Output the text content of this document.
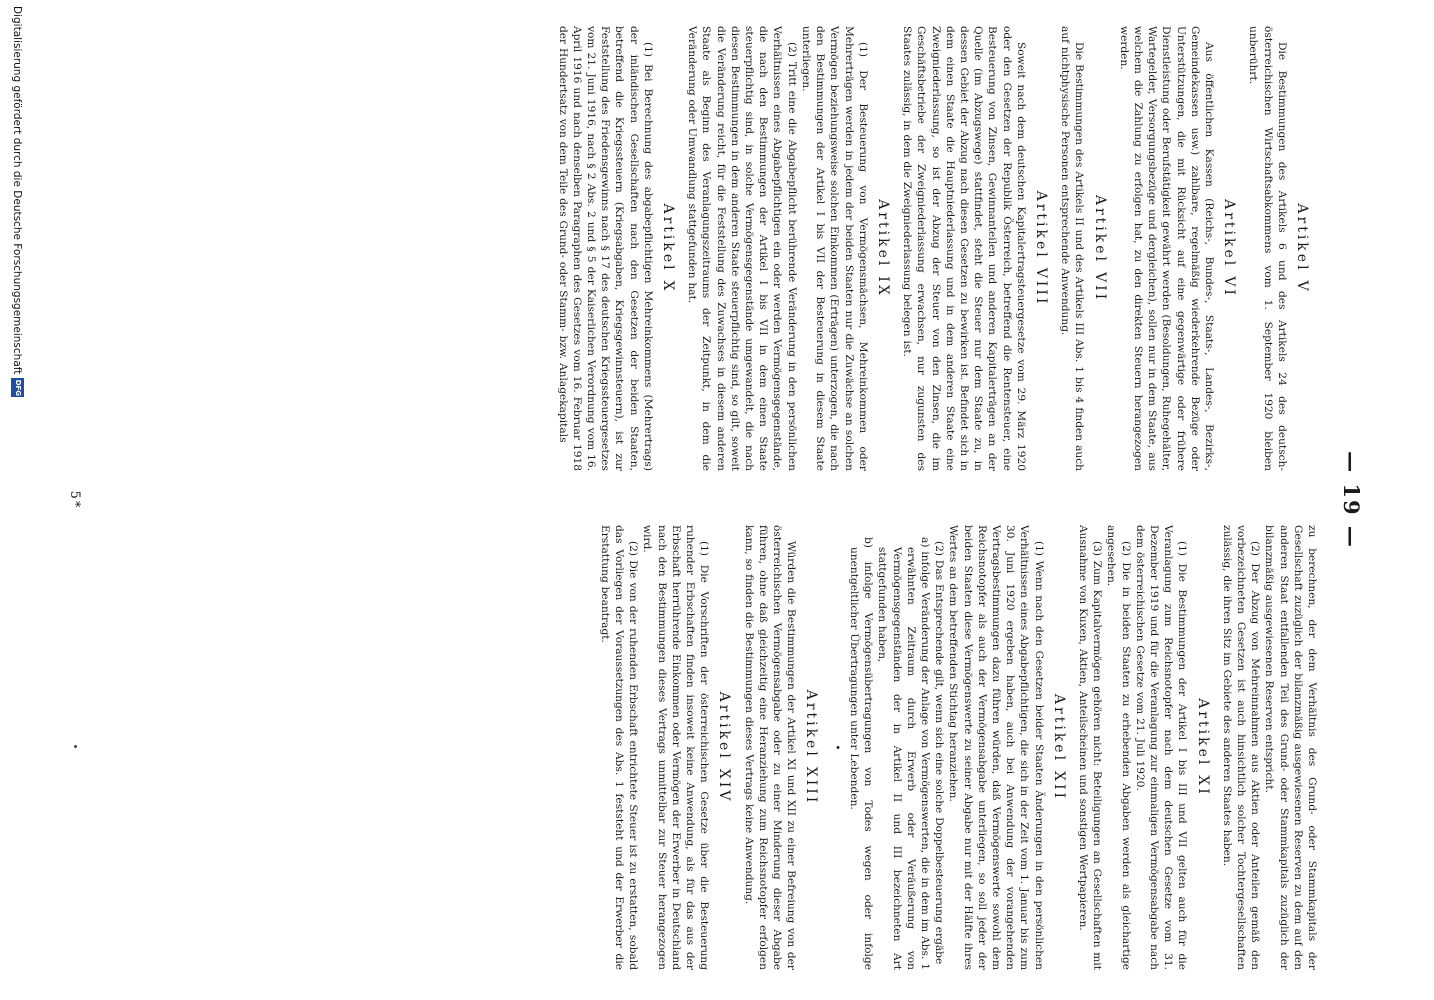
— 19 —
Artikel V

Die Bestimmungen des Artikels 6 und des Artikels 24 des deutsch-österreichischen Wirtschaftsabkommens vom 1. September 1920 bleiben unberührt.

Artikel VI

Aus öffentlichen Kassen (Reichs-, Bundes-, Staats-, Landes-, Bezirks-, Gemeindekassen usw.) zahlbare, regelmäßig wiederkehrende Bezüge oder Unterstützungen, die mit Rücksicht auf eine gegenwärtige oder frühere Dienstleistung oder Berufstätigkeit gewährt werden (Besoldungen, Ruhegehälter, Wartegelder, Versorgungsbezüge und dergleichen), sollen nur in dem Staate, aus welchem die Zahlung zu erfolgen hat, zu den direkten Steuern herangezogen werden.

Artikel VII

Die Bestimmungen des Artikels II und des Artikels III Abs. 1 bis 4 finden auch auf nichtphysische Personen entsprechende Anwendung.

Artikel VIII

Soweit nach dem deutschen Kapitalertragsteuergesetze vom 29. März 1920 oder den Gesetzen der Republik Österreich, betreffend die Rentensteuer, eine Besteuerung von Zinsen, Gewinnanteilen und anderen Kapitalerträgen an der Quelle (im Abzugswege) stattfindet, steht die Steuer nur dem Staate zu, in dessen Gebiet der Abzug nach diesen Gesetzen zu bewirken ist. Befindet sich in dem einen Staate die Hauptniederlassung und in dem anderen Staate eine Zweigniederlassung, so ist der Abzug der Steuer von den Zinsen, die im Geschäftsbetriebe der Zweigniederlassung erwachsen, nur zugunsten des Staates zulässig, in dem die Zweigniederlassung belegen ist.

Artikel IX

(1) Der Besteuerung von Vermögensmächsen, Mehreinkommen oder Mehrerträgen werden in jedem der beiden Staaten nur die Zuwächse an solchen Vermögen beziehungsweise solchen Einkommen (Erträgen) unterzogen, die nach den Bestimmungen der Artikel I bis VII der Besteuerung in diesem Staate unterliegen.

(2) Tritt eine die Abgabepflicht berührende Veränderung in den persönlichen Verhältnissen eines Abgabepflichtigen ein oder werden Vermögensgegenstände, die nach den Bestimmungen der Artikel I bis VII in dem einen Staate steuerpflichtig sind, in solche Vermögensgegenstände umgewandelt, die nach diesen Bestimmungen in dem anderen Staate steuerpflichtig sind, so gilt, soweit die Veränderung reicht, für die Feststellung des Zuwachses in diesem anderen Staate als Beginn des Veranlagungszeitraums der Zeitpunkt, in dem die Veränderung oder Umwandlung stattgefunden hat.

Artikel X

(1) Bei Berechnung des abgabepflichtigen Mehreinkommens (Mehrertrags) der inländischen Gesellschaften nach den Gesetzen der beiden Staaten, betreffend die Kriegssteuern (Kriegsabgaben, Kriegsgewinnsteuern), ist zur Feststellung des Friedensgewinns nach § 17 des deutschen Kriegssteuergesetzes vom 21. Juni 1916, nach § 2 Abs. 2 und § 5 der Kaiserlichen Verordnung vom 16. April 1916 und nach denselben Paragraphen des Gesetzes vom 16. Februar 1918 der Hundertsatz von dem Teile des Grund- oder Stamm- bzw. Anlagekapitals

zu berechnen, der dem Verhältnis des Grund- oder Stammkapitals der Gesellschaft zuzüglich der bilanzmäßig ausgewiesenen Reserven zu dem auf den anderen Staat entfallenden Teil des Grund- oder Stammkapitals zuzüglich der bilanzmäßig ausgewiesenen Reserven entspricht.

(2) Der Abzug von Mehreinnahmen aus Aktien oder Anteilen gemäß den vorbezeichneten Gesetzen ist auch hinsichtlich solcher Tochtergesellschaften zulässig, die ihren Sitz im Gebiete des anderen Staates haben.

Artikel XI

(1) Die Bestimmungen der Artikel I bis III und VII gelten auch für die Veranlagung zum Reichsnotopfer nach dem deutschen Gesetze vom 31. Dezember 1919 und für die Veranlagung zur einmaligen Vermögensabgabe nach dem österreichischen Gesetze vom 21. Juli 1920.

(2) Die in beiden Staaten zu erhebenden Abgaben werden als gleichartige angesehen.

(3) Zum Kapitalvermögen gehören nicht: Beteiligungen an Gesellschaften mit Ausnahme von Kuxen, Aktien, Anteilscheinen und sonstigen Wertpapieren.

Artikel XII

(1) Wenn nach den Gesetzen beider Staaten Änderungen in den persönlichen Verhältnissen eines Abgabepflichtigen, die sich in der Zeit vom 1. Januar bis zum 30. Juni 1920 ergeben haben, auch bei Anwendung der vorangehenden Vertragsbestimmungen dazu führen würden, daß Vermögenswerte sowohl dem Reichsnotopfer als auch der Vermögensabgabe unterliegen, so soll jeder der beiden Staaten diese Vermögenswerte zu seiner Abgabe nur mit der Hälfte ihres Wertes an dem betreffenden Stichtag heranziehen.

(2) Das Entsprechende gilt, wenn sich eine solche Doppelbesteuerung ergäbe

a) infolge Veränderung der Anlage von Vermögenswerten, die in dem im Abs. 1 erwähnten Zeitraum durch Erwerb oder Veräußerung von Vermögensgegenständen der in Artikel II und III bezeichneten Art stattgefunden haben,

b) infolge Vermögensübertragungen von Todes wegen oder infolge unentgeltlicher Übertragungen unter Lebenden.

•
Artikel XIII

Würden die Bestimmungen der Artikel XI und XII zu einer Befreiung von der österreichischen Vermögensabgabe oder zu einer Minderung dieser Abgabe führen, ohne daß gleichzeitig eine Heranziehung zum Reichsnotopfer erfolgen kann, so finden die Bestimmungen dieses Vertrags keine Anwendung.

Artikel XIV

(1) Die Vorschriften der österreichischen Gesetze über die Besteuerung ruhender Erbschaften finden insoweit keine Anwendung, als für das aus der Erbschaft herrührende Einkommen oder Vermögen der Erwerber in Deutschland nach den Bestimmungen dieses Vertrags unmittelbar zur Steuer herangezogen wird.

(2) Die von der ruhenden Erbschaft entrichtete Steuer ist zu erstatten, sobald das Vorliegen der Voraussetzungen des Abs. 1 feststeht und der Erwerber die Erstattung beantragt.

5*
Digitalisierung gefördert durch die Deutsche Forschungsgemeinschaft
DFG
